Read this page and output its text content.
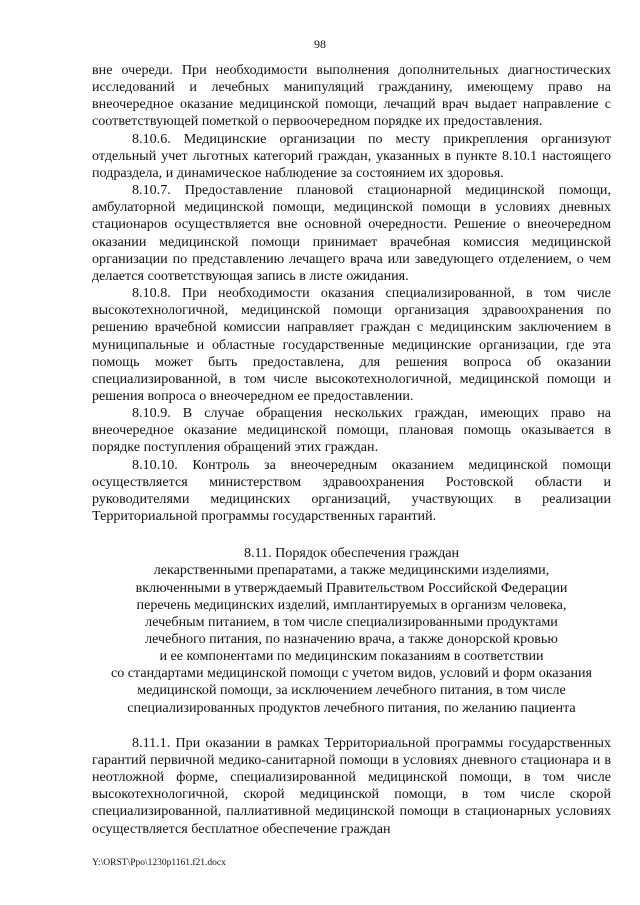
98

вне очереди. При необходимости выполнения дополнительных диагностических исследований и лечебных манипуляций гражданину, имеющему право на внеочередное оказание медицинской помощи, лечащий врач выдает направление с соответствующей пометкой о первоочередном порядке их предоставления.

8.10.6. Медицинские организации по месту прикрепления организуют отдельный учет льготных категорий граждан, указанных в пункте 8.10.1 настоящего подраздела, и динамическое наблюдение за состоянием их здоровья.

8.10.7. Предоставление плановой стационарной медицинской помощи, амбулаторной медицинской помощи, медицинской помощи в условиях дневных стационаров осуществляется вне основной очередности. Решение о внеочередном оказании медицинской помощи принимает врачебная комиссия медицинской организации по представлению лечащего врача или заведующего отделением, о чем делается соответствующая запись в листе ожидания.

8.10.8. При необходимости оказания специализированной, в том числе высокотехнологичной, медицинской помощи организация здравоохранения по решению врачебной комиссии направляет граждан с медицинским заключением в муниципальные и областные государственные медицинские организации, где эта помощь может быть предоставлена, для решения вопроса об оказании специализированной, в том числе высокотехнологичной, медицинской помощи и решения вопроса о внеочередном ее предоставлении.

8.10.9. В случае обращения нескольких граждан, имеющих право на внеочередное оказание медицинской помощи, плановая помощь оказывается в порядке поступления обращений этих граждан.

8.10.10. Контроль за внеочередным оказанием медицинской помощи осуществляется министерством здравоохранения Ростовской области и руководителями медицинских организаций, участвующих в реализации Территориальной программы государственных гарантий.

8.11. Порядок обеспечения граждан
лекарственными препаратами, а также медицинскими изделиями,
включенными в утверждаемый Правительством Российской Федерации
перечень медицинских изделий, имплантируемых в организм человека,
лечебным питанием, в том числе специализированными продуктами
лечебного питания, по назначению врача, а также донорской кровью
и ее компонентами по медицинским показаниям в соответствии
со стандартами медицинской помощи с учетом видов, условий и форм оказания
медицинской помощи, за исключением лечебного питания, в том числе
специализированных продуктов лечебного питания, по желанию пациента

8.11.1. При оказании в рамках Территориальной программы государственных гарантий первичной медико-санитарной помощи в условиях дневного стационара и в неотложной форме, специализированной медицинской помощи, в том числе высокотехнологичной, скорой медицинской помощи, в том числе скорой специализированной, паллиативной медицинской помощи в стационарных условиях осуществляется бесплатное обеспечение граждан

Y:\ORST\Ppo\1230p1161.f21.docx
